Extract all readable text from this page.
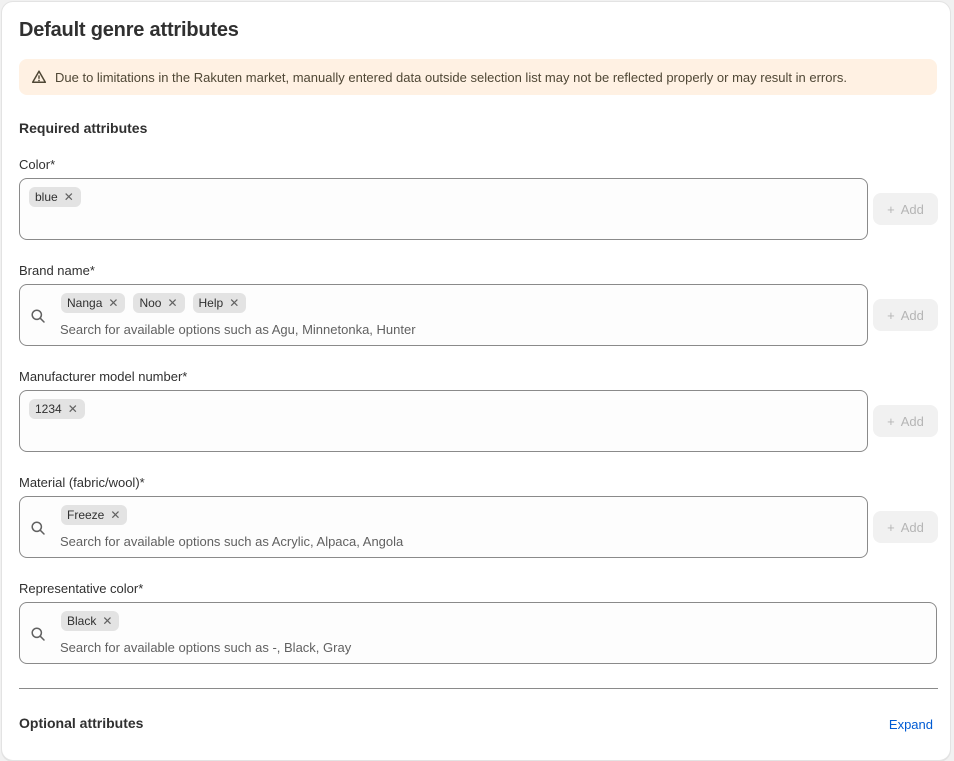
Default genre attributes
Due to limitations in the Rakuten market, manually entered data outside selection list may not be reflected properly or may result in errors.
Required attributes
Color*
blue ✕
+ Add
Brand name*
Nanga ✕ Noo ✕ Help ✕
Search for available options such as Agu, Minnetonka, Hunter
+ Add
Manufacturer model number*
1234 ✕
+ Add
Material (fabric/wool)*
Freeze ✕
Search for available options such as Acrylic, Alpaca, Angola
+ Add
Representative color*
Black ✕
Search for available options such as -, Black, Gray
Optional attributes	Expand
